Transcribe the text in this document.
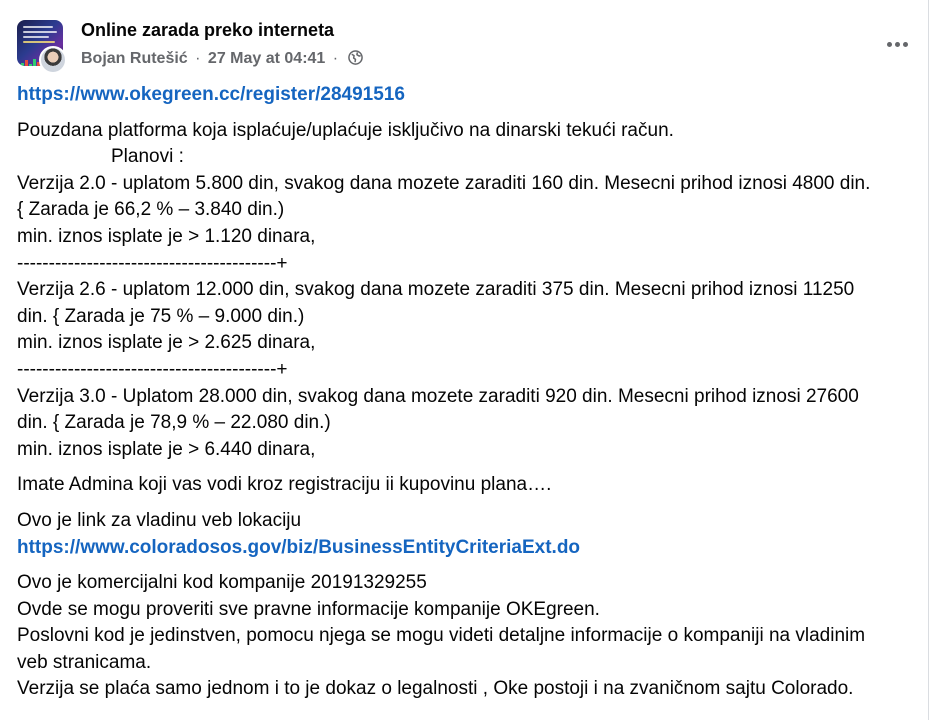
Online zarada preko interneta
Bojan Rutešić · 27 May at 04:41 ·

https://www.okegreen.cc/register/28491516

Pouzdana platforma koja isplaćuje/uplaćuje isključivo na dinarski tekući račun.

Planovi :

Verzija 2.0 - uplatom 5.800 din, svakog dana mozete zaraditi 160 din. Mesecni prihod iznosi 4800 din.

{ Zarada je 66,2 % – 3.840 din.)

min. iznos isplate je > 1.120 dinara,

-----------------------------------------+

Verzija 2.6 - uplatom 12.000 din, svakog dana mozete zaraditi 375 din. Mesecni prihod iznosi 11250

din. { Zarada je 75 % – 9.000 din.)

min. iznos isplate je > 2.625 dinara,

-----------------------------------------+

Verzija 3.0 - Uplatom 28.000 din, svakog dana mozete zaraditi 920 din. Mesecni prihod iznosi 27600

din. { Zarada je 78,9 % – 22.080 din.)

min. iznos isplate je > 6.440 dinara,

Imate Admina koji vas vodi kroz registraciju ii kupovinu plana….

Ovo je link za vladinu veb lokaciju

https://www.coloradosos.gov/biz/BusinessEntityCriteriaExt.do

Ovo je komercijalni kod kompanije 20191329255

Ovde se mogu proveriti sve pravne informacije kompanije OKEgreen.

Poslovni kod je jedinstven, pomocu njega se mogu videti detaljne informacije o kompaniji na vladinim

veb stranicama.

Verzija se plaća samo jednom i to je dokaz o legalnosti , Oke postoji i na zvaničnom sajtu Colorado.
